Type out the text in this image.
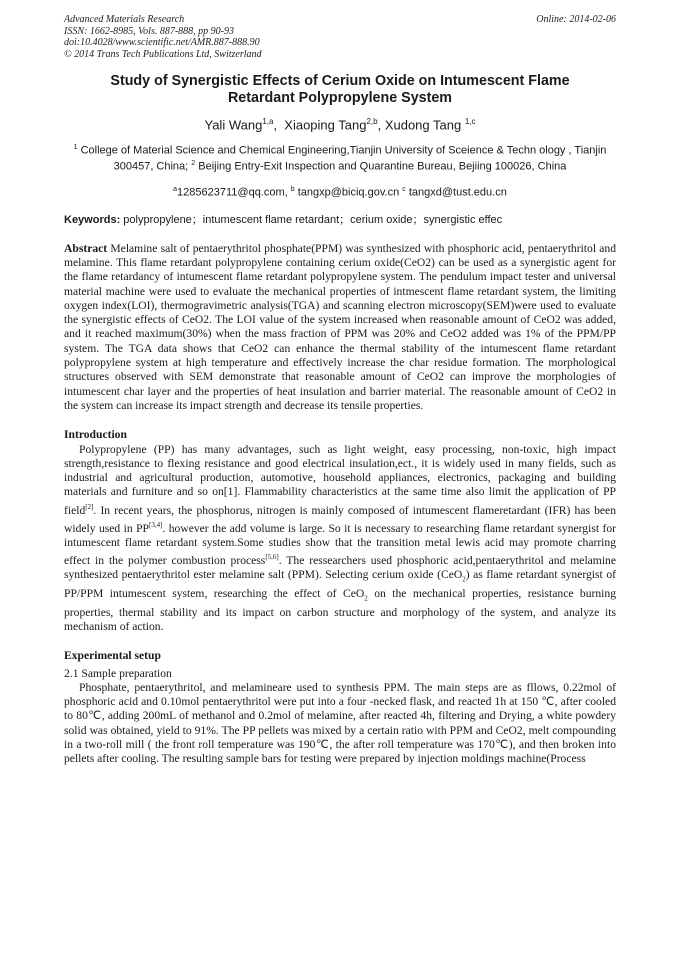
Advanced Materials Research
ISSN: 1662-8985, Vols. 887-888, pp 90-93
doi:10.4028/www.scientific.net/AMR.887-888.90
© 2014 Trans Tech Publications Ltd, Switzerland
Online: 2014-02-06
Study of Synergistic Effects of Cerium Oxide on Intumescent Flame
Retardant Polypropylene System
Yali Wang$^{1,a}$,  Xiaoping Tang$^{2,b}$, Xudong Tang $^{1,c}$
$^1$ College of Material Science and Chemical Engineering,Tianjin University of Sceience & Techn ology , Tianjin 300457, China; $^2$ Beijing Entry-Exit Inspection and Quarantine Bureau, Bejiing 100026, China
$^a$1285623711@qq.com, $^b$ tangxp@biciq.gov.cn $^c$ tangxd@tust.edu.cn
Keywords: polypropylene；intumescent flame retardant；cerium oxide；synergistic effec
Abstract Melamine salt of pentaerythritol phosphate(PPM) was synthesized with phosphoric acid, pentaerythritol and melamine. This flame retardant polypropylene containing cerium oxide(CeO2) can be used as a synergistic agent for the flame retardancy of intumescent flame retardant polypropylene system. The pendulum impact tester and universal material machine were used to evaluate the mechanical properties of intmescent flame retardant system, the limiting oxygen index(LOI), thermogravimetric analysis(TGA) and scanning electron microscopy(SEM)were used to evaluate the synergistic effects of CeO2. The LOI value of the system increased when reasonable amount of CeO2 was added, and it reached maximum(30%) when the mass fraction of PPM was 20% and CeO2 added was 1% of the PPM/PP system. The TGA data shows that CeO2 can enhance the thermal stability of the intumescent flame retardant polypropylene system at high temperature and effectively increase the char residue formation. The morphological structures observed with SEM demonstrate that reasonable amount of CeO2 can improve the morphologies of intumescent char layer and the properties of heat insulation and barrier material. The reasonable amount of CeO2 in the system can increase its impact strength and decrease its tensile properties.
Introduction
Polypropylene (PP) has many advantages, such as light weight, easy processing, non-toxic, high impact strength,resistance to flexing resistance and good electrical insulation,ect., it is widely used in many fields, such as industrial and agricultural production, automotive, household appliances, electronics, packaging and building materials and furniture and so on[1]. Flammability characteristics at the same time also limit the application of PP field[2]. In recent years, the phosphorus, nitrogen is mainly composed of intumescent flameretardant (IFR) has been widely used in PP[3,4]. however the add volume is large. So it is necessary to researching flame retardant synergist for intumescent flame retardant system.Some studies show that the transition metal lewis acid may promote charring effect in the polymer combustion process[5,6]. The ressearchers used phosphoric acid,pentaerythritol and melamine synthesized pentaerythritol ester melamine salt (PPM). Selecting cerium oxide (CeO$_2$) as flame retardant synergist of PP/PPM intumescent system, researching the effect of CeO$_2$ on the mechanical properties, resistance burning properties, thermal stability and its impact on carbon structure and morphology of the system, and analyze its mechanism of action.
Experimental setup
2.1 Sample preparation
Phosphate, pentaerythritol, and melamineare used to synthesis PPM. The main steps are as fllows, 0.22mol of phosphoric acid and 0.10mol pentaerythritol were put into a four -necked flask, and reacted 1h at 150 ℃, after cooled to 80℃, adding 200mL of methanol and 0.2mol of melamine, after reacted 4h, filtering and Drying, a white powdery solid was obtained, yield to 91%. The PP pellets was mixed by a certain ratio with PPM and CeO2, melt compounding in a two-roll mill ( the front roll temperature was 190℃, the after roll temperature was 170℃), and then broken into pellets after cooling. The resulting sample bars for testing were prepared by injection moldings machine(Process
